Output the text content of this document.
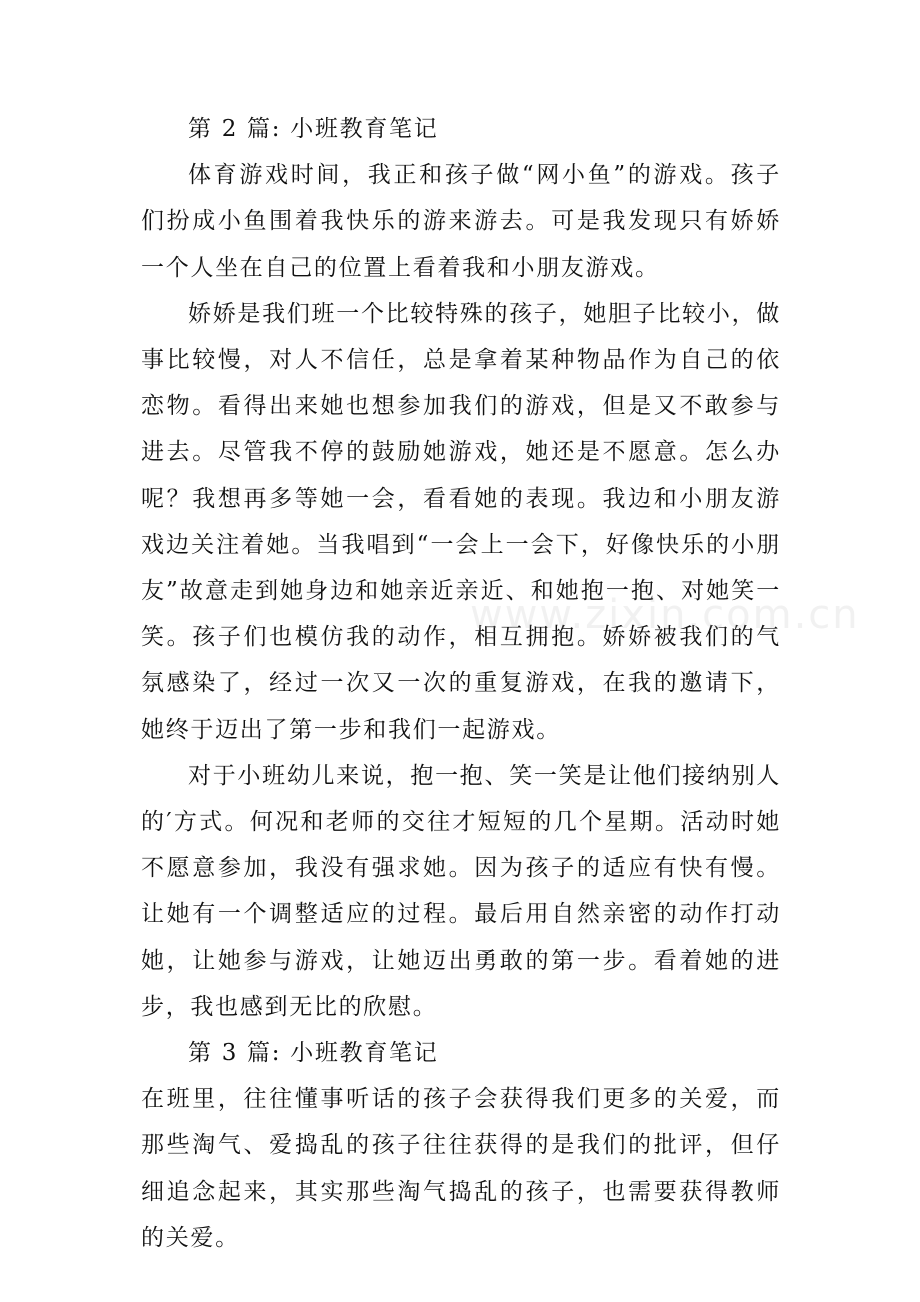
第 2 篇: 小班教育笔记

体育游戏时间，我正和孩子做“网小鱼”的游戏。孩子们扮成小鱼围着我快乐的游来游去。可是我发现只有娇娇一个人坐在自己的位置上看着我和小朋友游戏。

娇娇是我们班一个比较特殊的孩子，她胆子比较小，做事比较慢，对人不信任，总是拿着某种物品作为自己的依恋物。看得出来她也想参加我们的游戏，但是又不敢参与进去。尽管我不停的鼓励她游戏，她还是不愿意。怎么办呢？我想再多等她一会，看看她的表现。我边和小朋友游戏边关注着她。当我唱到“一会上一会下，好像快乐的小朋友”故意走到她身边和她亲近亲近、和她抱一抱、对她笑一笑。孩子们也模仿我的动作，相互拥抱。娇娇被我们的气氛感染了，经过一次又一次的重复游戏，在我的邀请下，她终于迈出了第一步和我们一起游戏。

对于小班幼儿来说，抱一抱、笑一笑是让他们接纳别人的′方式。何况和老师的交往才短短的几个星期。活动时她不愿意参加，我没有强求她。因为孩子的适应有快有慢。让她有一个调整适应的过程。最后用自然亲密的动作打动她，让她参与游戏，让她迈出勇敢的第一步。看着她的进步，我也感到无比的欣慰。

第 3 篇: 小班教育笔记

在班里，往往懂事听话的孩子会获得我们更多的关爱，而那些淘气、爱捣乱的孩子往往获得的是我们的批评，但仔细追念起来，其实那些淘气捣乱的孩子，也需要获得教师的关爱。

www.zixin.com.cn
